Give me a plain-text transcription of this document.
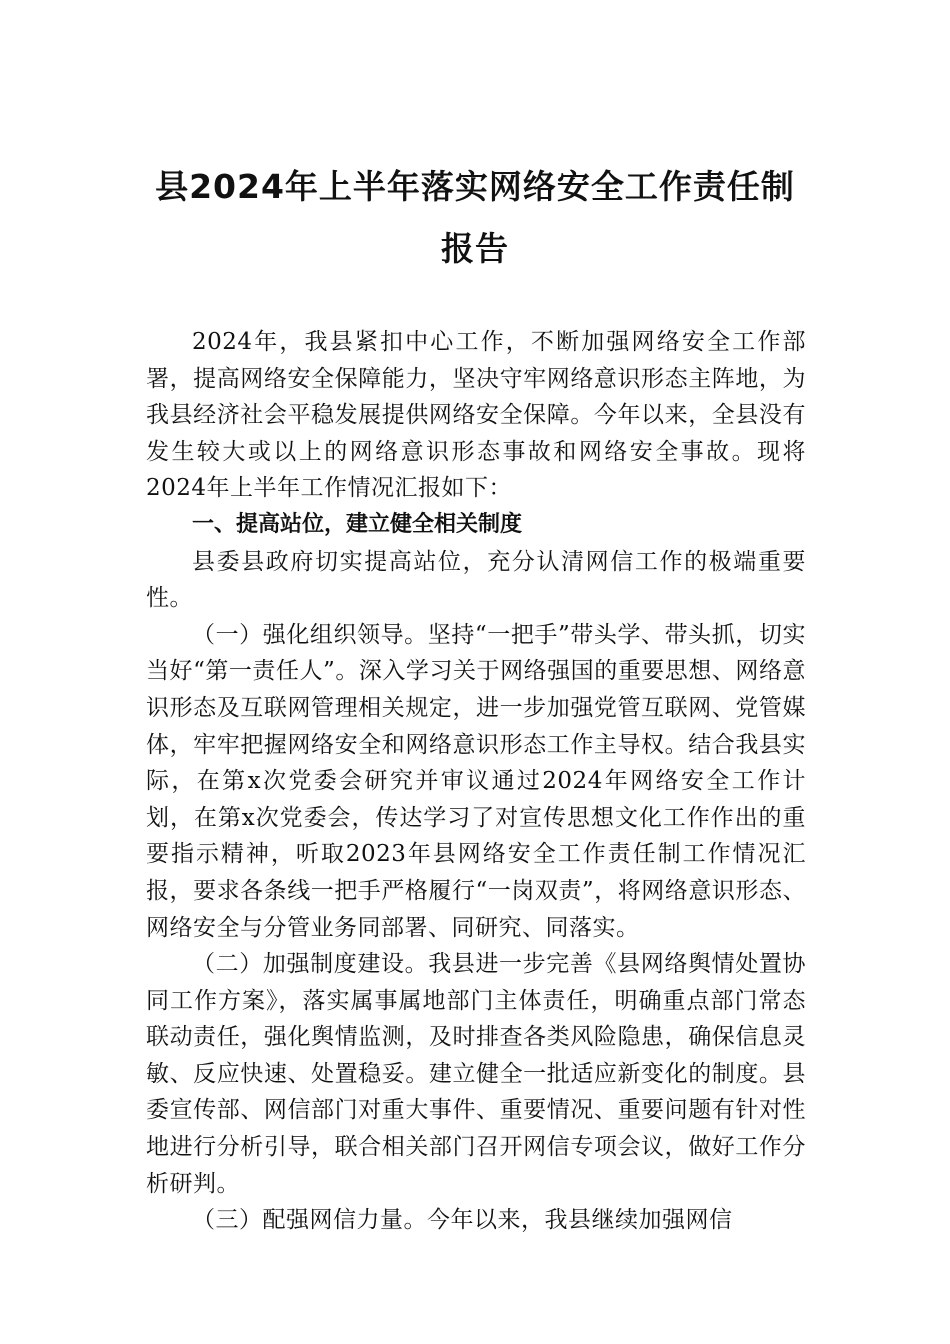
县2024年上半年落实网络安全工作责任制
报告

2024年，我县紧扣中心工作，不断加强网络安全工作部署，提高网络安全保障能力，坚决守牢网络意识形态主阵地，为我县经济社会平稳发展提供网络安全保障。今年以来，全县没有发生较大或以上的网络意识形态事故和网络安全事故。现将2024年上半年工作情况汇报如下：

一、提高站位，建立健全相关制度

县委县政府切实提高站位，充分认清网信工作的极端重要性。

（一）强化组织领导。坚持“一把手”带头学、带头抓，切实当好“第一责任人”。深入学习关于网络强国的重要思想、网络意识形态及互联网管理相关规定，进一步加强党管互联网、党管媒体，牢牢把握网络安全和网络意识形态工作主导权。结合我县实际，在第x次党委会研究并审议通过2024年网络安全工作计划，在第x次党委会，传达学习了对宣传思想文化工作作出的重要指示精神，听取2023年县网络安全工作责任制工作情况汇报，要求各条线一把手严格履行“一岗双责”，将网络意识形态、网络安全与分管业务同部署、同研究、同落实。

（二）加强制度建设。我县进一步完善《县网络舆情处置协同工作方案》，落实属事属地部门主体责任，明确重点部门常态联动责任，强化舆情监测，及时排查各类风险隐患，确保信息灵敏、反应快速、处置稳妥。建立健全一批适应新变化的制度。县委宣传部、网信部门对重大事件、重要情况、重要问题有针对性地进行分析引导，联合相关部门召开网信专项会议，做好工作分析研判。

（三）配强网信力量。今年以来，我县继续加强网信
